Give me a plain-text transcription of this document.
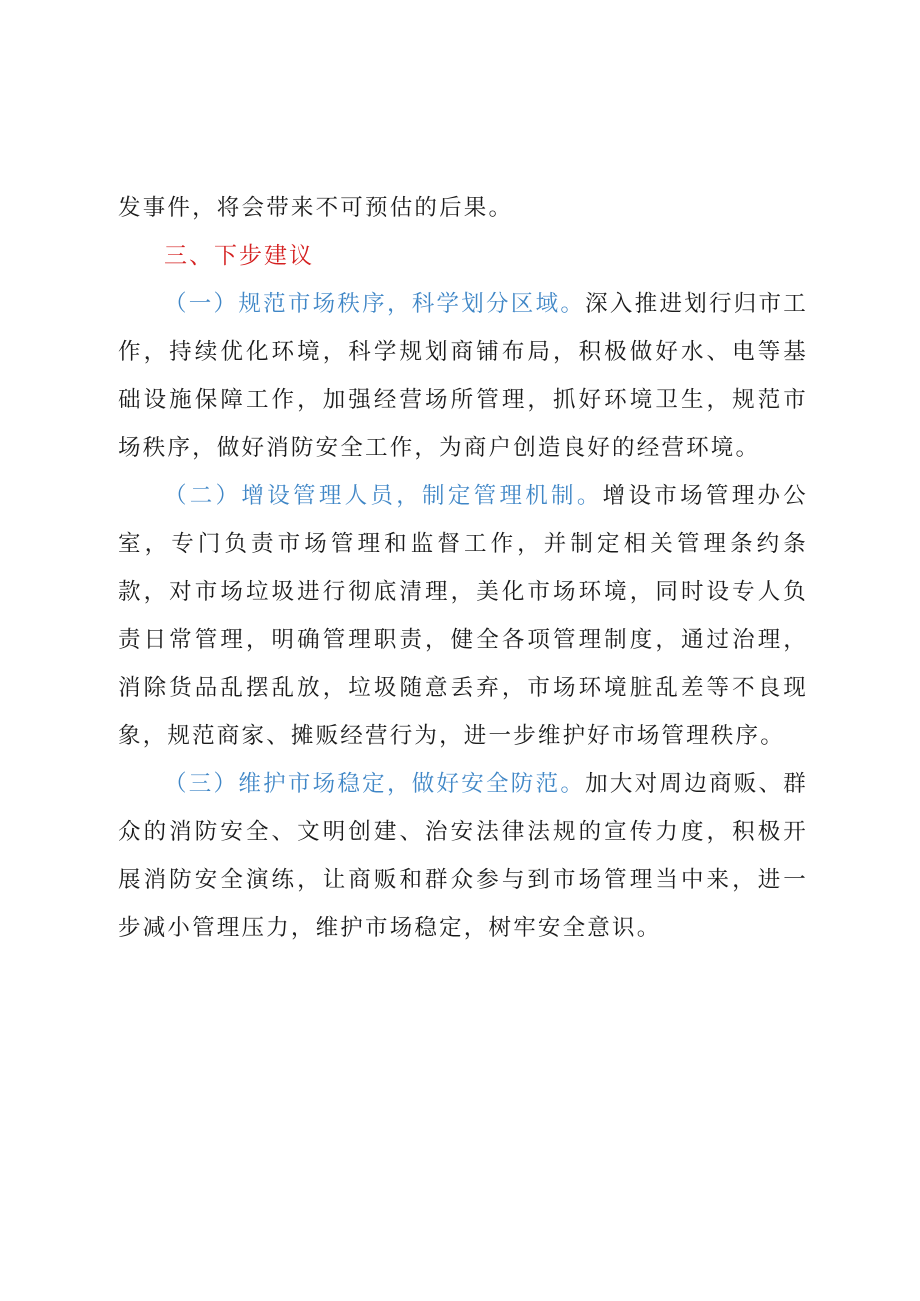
发事件，将会带来不可预估的后果。

三、下步建议

（一）规范市场秩序，科学划分区域。深入推进划行归市工作，持续优化环境，科学规划商铺布局，积极做好水、电等基础设施保障工作，加强经营场所管理，抓好环境卫生，规范市场秩序，做好消防安全工作，为商户创造良好的经营环境。

（二）增设管理人员，制定管理机制。增设市场管理办公室，专门负责市场管理和监督工作，并制定相关管理条约条款，对市场垃圾进行彻底清理，美化市场环境，同时设专人负责日常管理，明确管理职责，健全各项管理制度，通过治理，消除货品乱摆乱放，垃圾随意丢弃，市场环境脏乱差等不良现象，规范商家、摊贩经营行为，进一步维护好市场管理秩序。

（三）维护市场稳定，做好安全防范。加大对周边商贩、群众的消防安全、文明创建、治安法律法规的宣传力度，积极开展消防安全演练，让商贩和群众参与到市场管理当中来，进一步减小管理压力，维护市场稳定，树牢安全意识。
